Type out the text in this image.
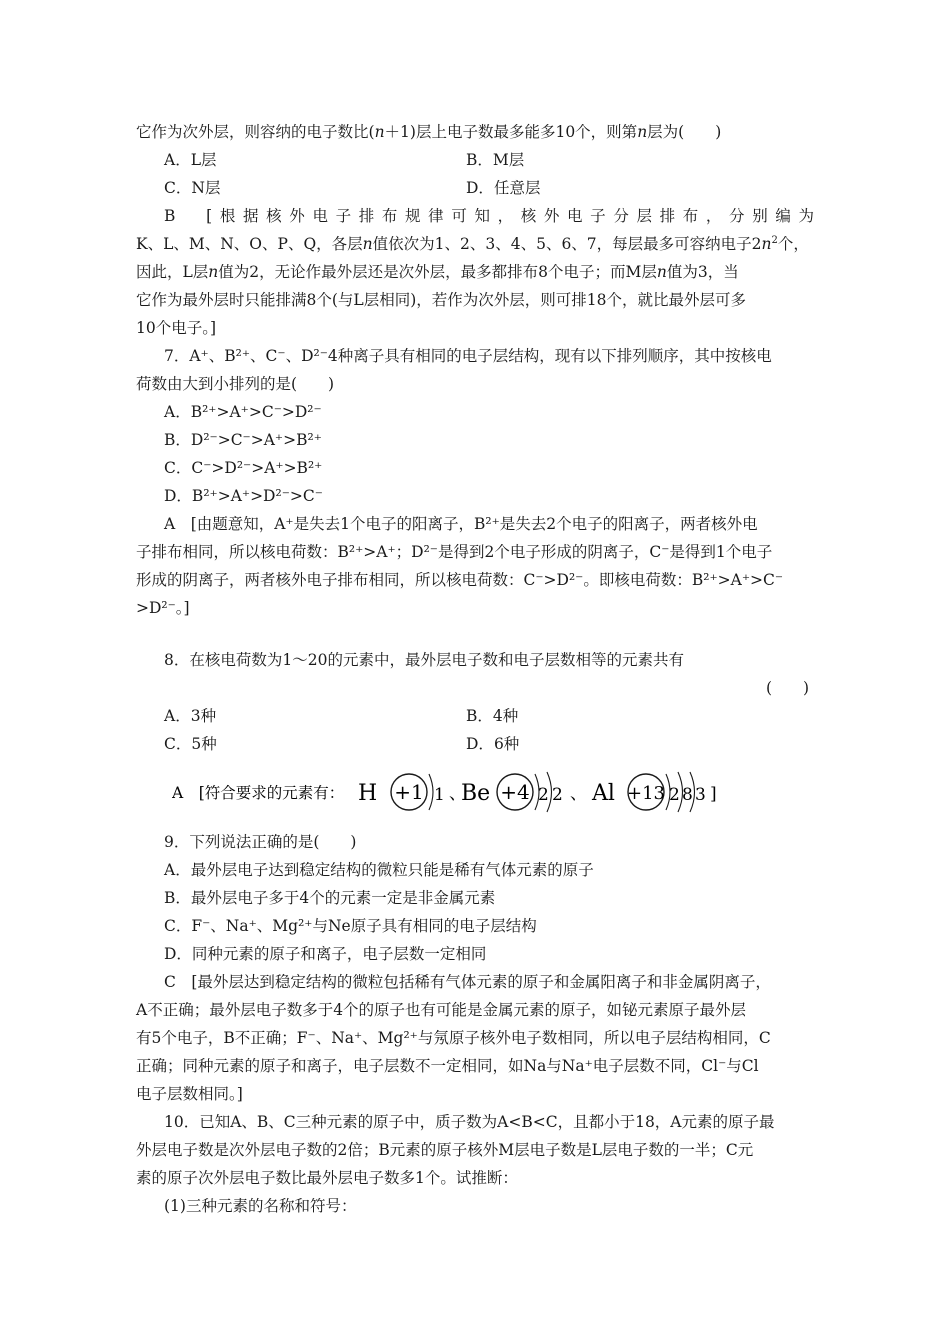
它作为次外层，则容纳的电子数比(n＋1)层上电子数最多能多10个，则第n层为(　　)
A．L层	B．M层
C．N层	D．任意层
B　[根据核外电子排布规律可知，核外电子分层排布，分别编为
K、L、M、N、O、P、Q，各层n值依次为1、2、3、4、5、6、7，每层最多可容纳电子$2n^2$个，
因此，L层n值为2，无论作最外层还是次外层，最多都排布8个电子；而M层n值为3，当
它作为最外层时只能排满8个(与L层相同)，若作为次外层，则可排18个，就比最外层可多
10个电子。]
7．A⁺、B²⁺、C⁻、D²⁻4种离子具有相同的电子层结构，现有以下排列顺序，其中按核电
荷数由大到小排列的是(　　)
A．B²⁺>A⁺>C⁻>D²⁻
B．D²⁻>C⁻>A⁺>B²⁺
C．C⁻>D²⁻>A⁺>B²⁺
D．B²⁺>A⁺>D²⁻>C⁻
A　[由题意知，A⁺是失去1个电子的阳离子，B²⁺是失去2个电子的阳离子，两者核外电
子排布相同，所以核电荷数：B²⁺>A⁺；D²⁻是得到2个电子形成的阴离子，C⁻是得到1个电子
形成的阴离子，两者核外电子排布相同，所以核电荷数：C⁻>D²⁻。即核电荷数：B²⁺>A⁺>C⁻
>D²⁻。]
8．在核电荷数为1～20的元素中，最外层电子数和电子层数相等的元素共有
(　　)
A．3种	B．4种
C．5种	D．6种
A　[符合要求的元素有： H +1 1 、
Be +4 2 2 、 Al +13 2 8 3 ]
9．下列说法正确的是(　　)
A．最外层电子达到稳定结构的微粒只能是稀有气体元素的原子
B．最外层电子多于4个的元素一定是非金属元素
C．F⁻、Na⁺、Mg²⁺与Ne原子具有相同的电子层结构
D．同种元素的原子和离子，电子层数一定相同
C　[最外层达到稳定结构的微粒包括稀有气体元素的原子和金属阳离子和非金属阴离子，
A不正确；最外层电子数多于4个的原子也有可能是金属元素的原子，如铋元素原子最外层
有5个电子，B不正确；F⁻、Na⁺、Mg²⁺与氖原子核外电子数相同，所以电子层结构相同，C
正确；同种元素的原子和离子，电子层数不一定相同，如Na与Na⁺电子层数不同，Cl⁻与Cl
电子层数相同。]
10．已知A、B、C三种元素的原子中，质子数为A<B<C，且都小于18，A元素的原子最
外层电子数是次外层电子数的2倍；B元素的原子核外M层电子数是L层电子数的一半；C元
素的原子次外层电子数比最外层电子数多1个。试推断：
(1)三种元素的名称和符号：
